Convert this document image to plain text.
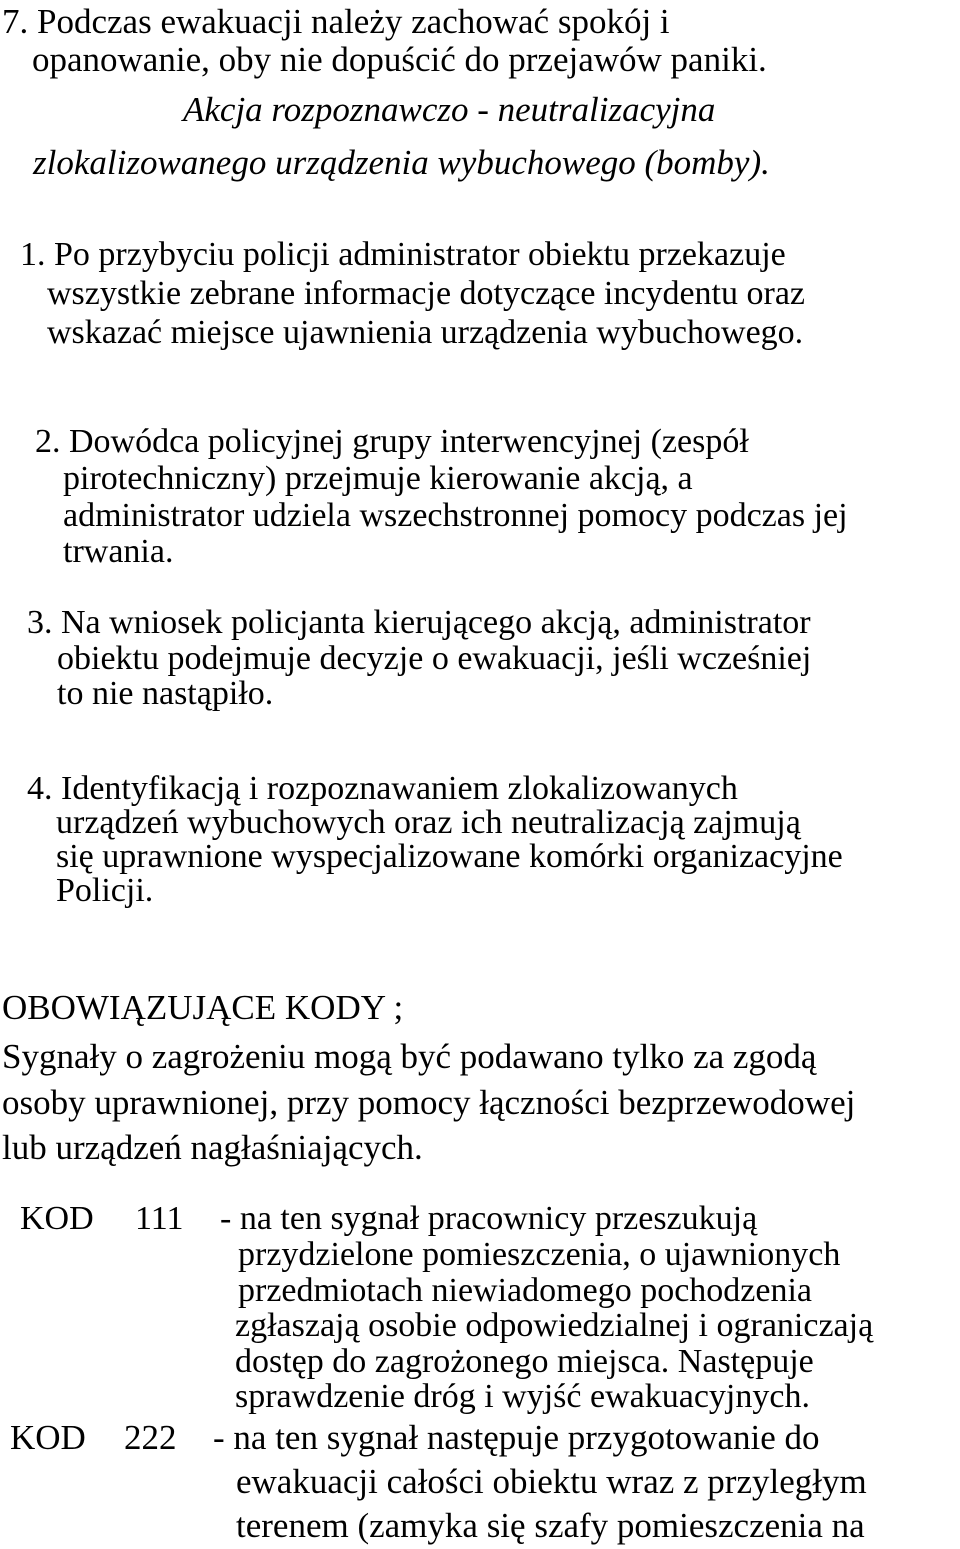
7. Podczas ewakuacji należy zachować spokój i

opanowanie, oby nie dopuścić do przejawów paniki.

Akcja rozpoznawczo - neutralizacyjna

zlokalizowanego urządzenia wybuchowego (bomby).

1. Po przybyciu policji administrator obiektu przekazuje

wszystkie zebrane informacje dotyczące incydentu oraz

wskazać miejsce ujawnienia urządzenia wybuchowego.

2. Dowódca policyjnej grupy interwencyjnej (zespół

pirotechniczny) przejmuje kierowanie akcją, a

administrator udziela wszechstronnej pomocy podczas jej

trwania.

3. Na wniosek policjanta kierującego akcją, administrator

obiektu podejmuje decyzje o ewakuacji, jeśli wcześniej

to nie nastąpiło.

4. Identyfikacją i rozpoznawaniem zlokalizowanych

urządzeń wybuchowych oraz ich neutralizacją zajmują

się uprawnione wyspecjalizowane komórki organizacyjne

Policji.

OBOWIĄZUJĄCE KODY ;

Sygnały o zagrożeniu mogą być podawano tylko za zgodą

osoby uprawnionej, przy pomocy łączności bezprzewodowej

lub urządzeń nagłaśniających.

KOD 111 - na ten sygnał pracownicy przeszukują

przydzielone pomieszczenia, o ujawnionych

przedmiotach niewiadomego pochodzenia

zgłaszają osobie odpowiedzialnej i ograniczają

dostęp do zagrożonego miejsca. Następuje

sprawdzenie dróg i wyjść ewakuacyjnych.

KOD 222 - na ten sygnał następuje przygotowanie do

ewakuacji całości obiektu wraz z przyległym

terenem (zamyka się szafy pomieszczenia na
